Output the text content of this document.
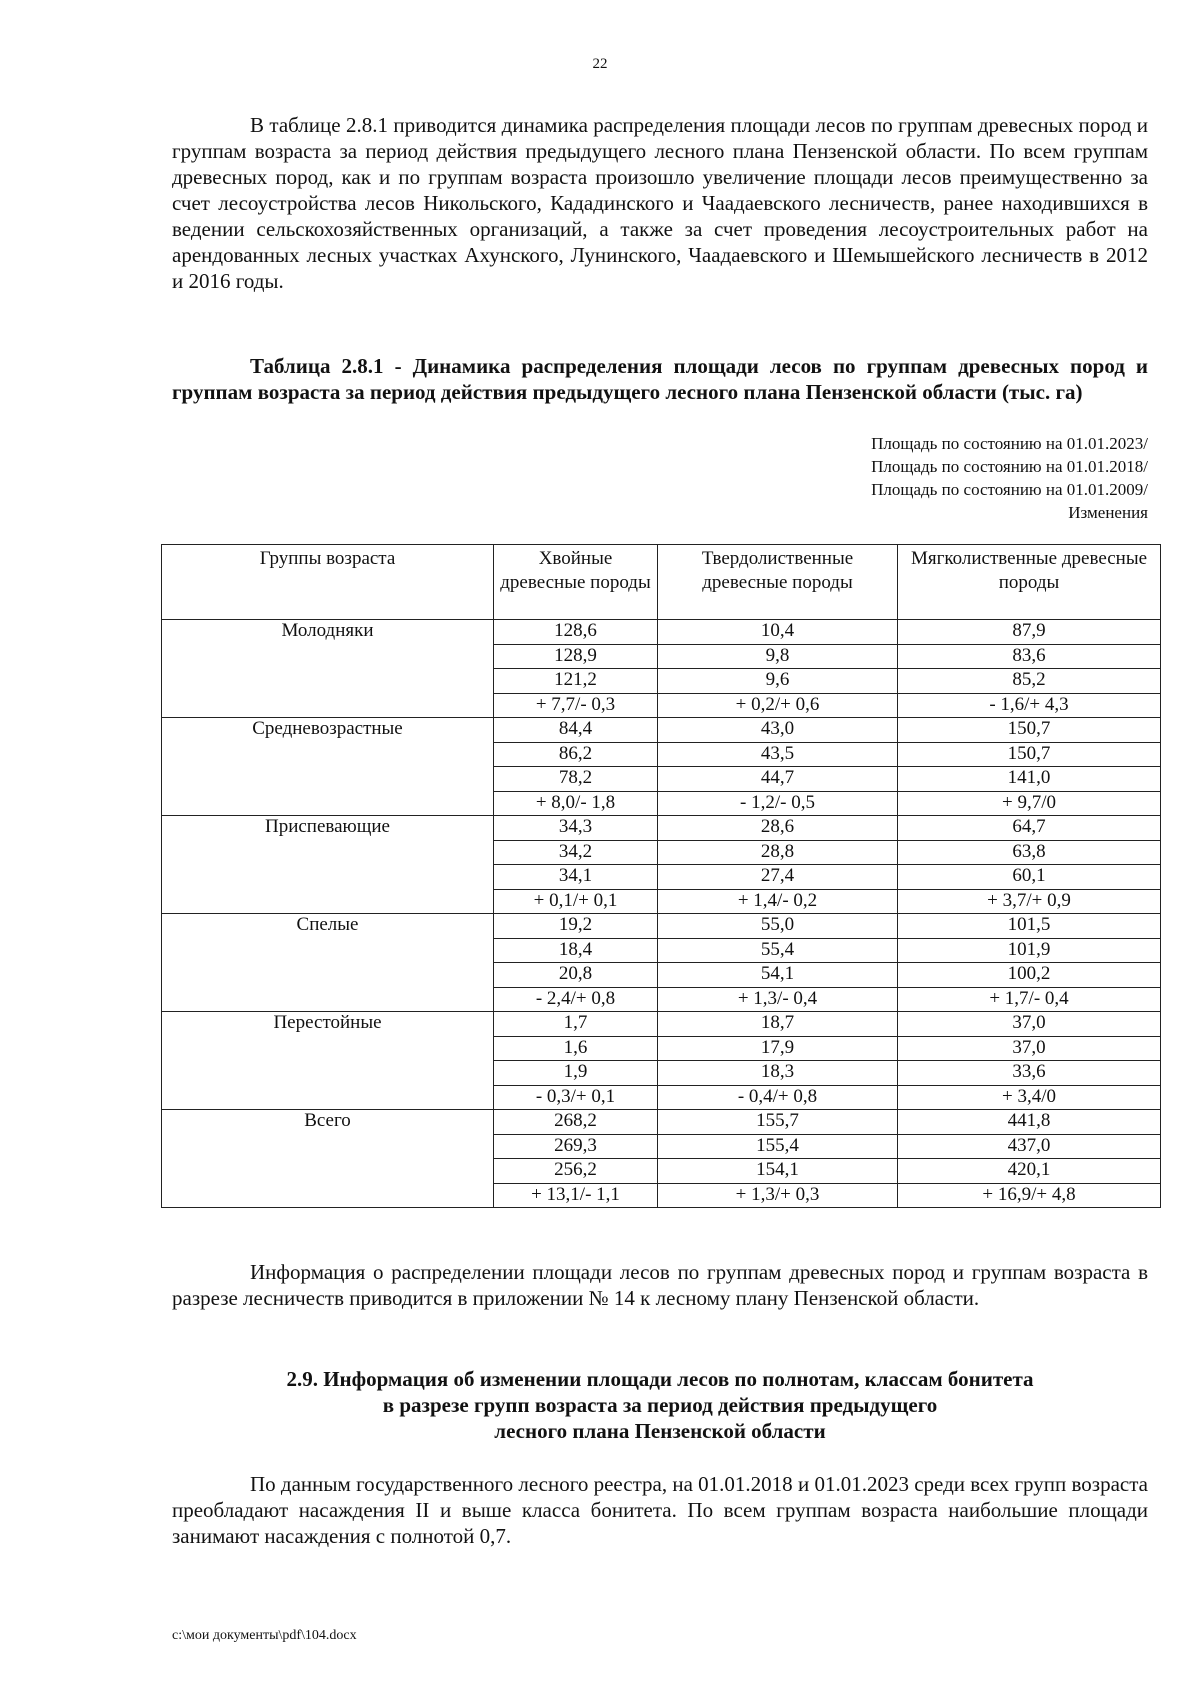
22

В таблице 2.8.1 приводится динамика распределения площади лесов по группам древесных пород и группам возраста за период действия предыдущего лесного плана Пензенской области. По всем группам древесных пород, как и по группам возраста произошло увеличение площади лесов преимущественно за счет лесоустройства лесов Никольского, Кададинского и Чаадаевского лесничеств, ранее находившихся в ведении сельскохозяйственных организаций, а также за счет проведения лесоустроительных работ на арендованных лесных участках Ахунского, Лунинского, Чаадаевского и Шемышейского лесничеств в 2012 и 2016 годы.

Таблица 2.8.1 - Динамика распределения площади лесов по группам древесных пород и группам возраста за период действия предыдущего лесного плана Пензенской области (тыс. га)

Площадь по состоянию на 01.01.2023/
Площадь по состоянию на 01.01.2018/
Площадь по состоянию на 01.01.2009/
Изменения
Группы возраста	Хвойные древесные породы	Твердолиственные древесные породы	Мягколиственные древесные породы
Молодняки	128,6	10,4	87,9
	128,9	9,8	83,6
	121,2	9,6	85,2
	+ 7,7/- 0,3	+ 0,2/+ 0,6	- 1,6/+ 4,3
Средневозрастные	84,4	43,0	150,7
	86,2	43,5	150,7
	78,2	44,7	141,0
	+ 8,0/- 1,8	- 1,2/- 0,5	+ 9,7/0
Приспевающие	34,3	28,6	64,7
	34,2	28,8	63,8
	34,1	27,4	60,1
	+ 0,1/+ 0,1	+ 1,4/- 0,2	+ 3,7/+ 0,9
Спелые	19,2	55,0	101,5
	18,4	55,4	101,9
	20,8	54,1	100,2
	- 2,4/+ 0,8	+ 1,3/- 0,4	+ 1,7/- 0,4
Перестойные	1,7	18,7	37,0
	1,6	17,9	37,0
	1,9	18,3	33,6
	- 0,3/+ 0,1	- 0,4/+ 0,8	+ 3,4/0
Всего	268,2	155,7	441,8
	269,3	155,4	437,0
	256,2	154,1	420,1
	+ 13,1/- 1,1	+ 1,3/+ 0,3	+ 16,9/+ 4,8

Информация о распределении площади лесов по группам древесных пород и группам возраста в разрезе лесничеств приводится в приложении № 14 к лесному плану Пензенской области.

2.9. Информация об изменении площади лесов по полнотам, классам бонитета
в разрезе групп возраста за период действия предыдущего
лесного плана Пензенской области

По данным государственного лесного реестра, на 01.01.2018 и 01.01.2023 среди всех групп возраста преобладают насаждения II и выше класса бонитета. По всем группам возраста наибольшие площади занимают насаждения с полнотой 0,7.

c:\мои документы\pdf\104.docx
